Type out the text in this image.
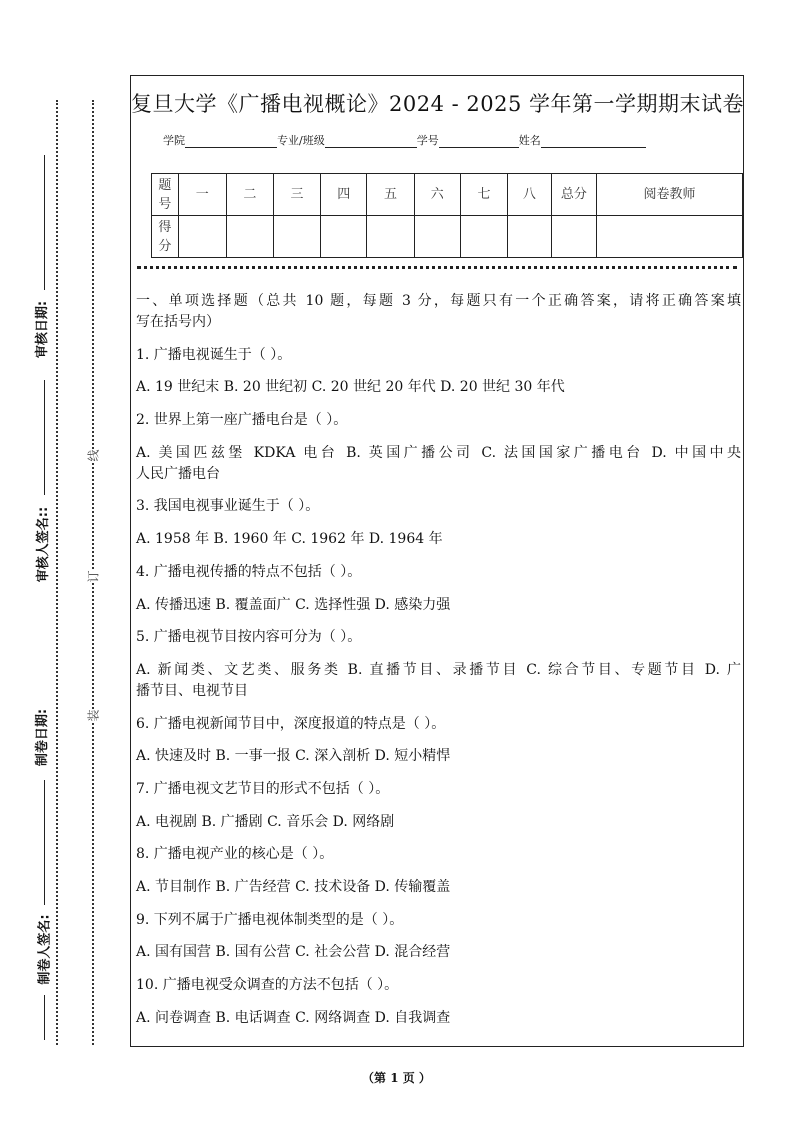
审核日期:
审核人签名::
制卷日期:
制卷人签名:
线
订
装
复旦大学《广播电视概论》2024 - 2025 学年第一学期期末试卷
学院	专业/班级	学号	姓名
题号	一	二	三	四	五	六	七	八	总分	阅卷教师
得分										
一、单项选择题（总共 10 题，每题 3 分，每题只有一个正确答案，请将正确答案填
写在括号内）
1. 广播电视诞生于（ ）。
A. 19 世纪末 B. 20 世纪初 C. 20 世纪 20 年代 D. 20 世纪 30 年代
2. 世界上第一座广播电台是（ ）。
A. 美国匹兹堡 KDKA 电台 B. 英国广播公司 C. 法国国家广播电台 D. 中国中央
人民广播电台
3. 我国电视事业诞生于（ ）。
A. 1958 年 B. 1960 年 C. 1962 年 D. 1964 年
4. 广播电视传播的特点不包括（ ）。
A. 传播迅速 B. 覆盖面广 C. 选择性强 D. 感染力强
5. 广播电视节目按内容可分为（ ）。
A. 新闻类、文艺类、服务类 B. 直播节目、录播节目 C. 综合节目、专题节目 D. 广
播节目、电视节目
6. 广播电视新闻节目中，深度报道的特点是（ ）。
A. 快速及时 B. 一事一报 C. 深入剖析 D. 短小精悍
7. 广播电视文艺节目的形式不包括（ ）。
A. 电视剧 B. 广播剧 C. 音乐会 D. 网络剧
8. 广播电视产业的核心是（ ）。
A. 节目制作 B. 广告经营 C. 技术设备 D. 传输覆盖
9. 下列不属于广播电视体制类型的是（ ）。
A. 国有国营 B. 国有公营 C. 社会公营 D. 混合经营
10. 广播电视受众调查的方法不包括（ ）。
A. 问卷调查 B. 电话调查 C. 网络调查 D. 自我调查
（第 1 页 ）
